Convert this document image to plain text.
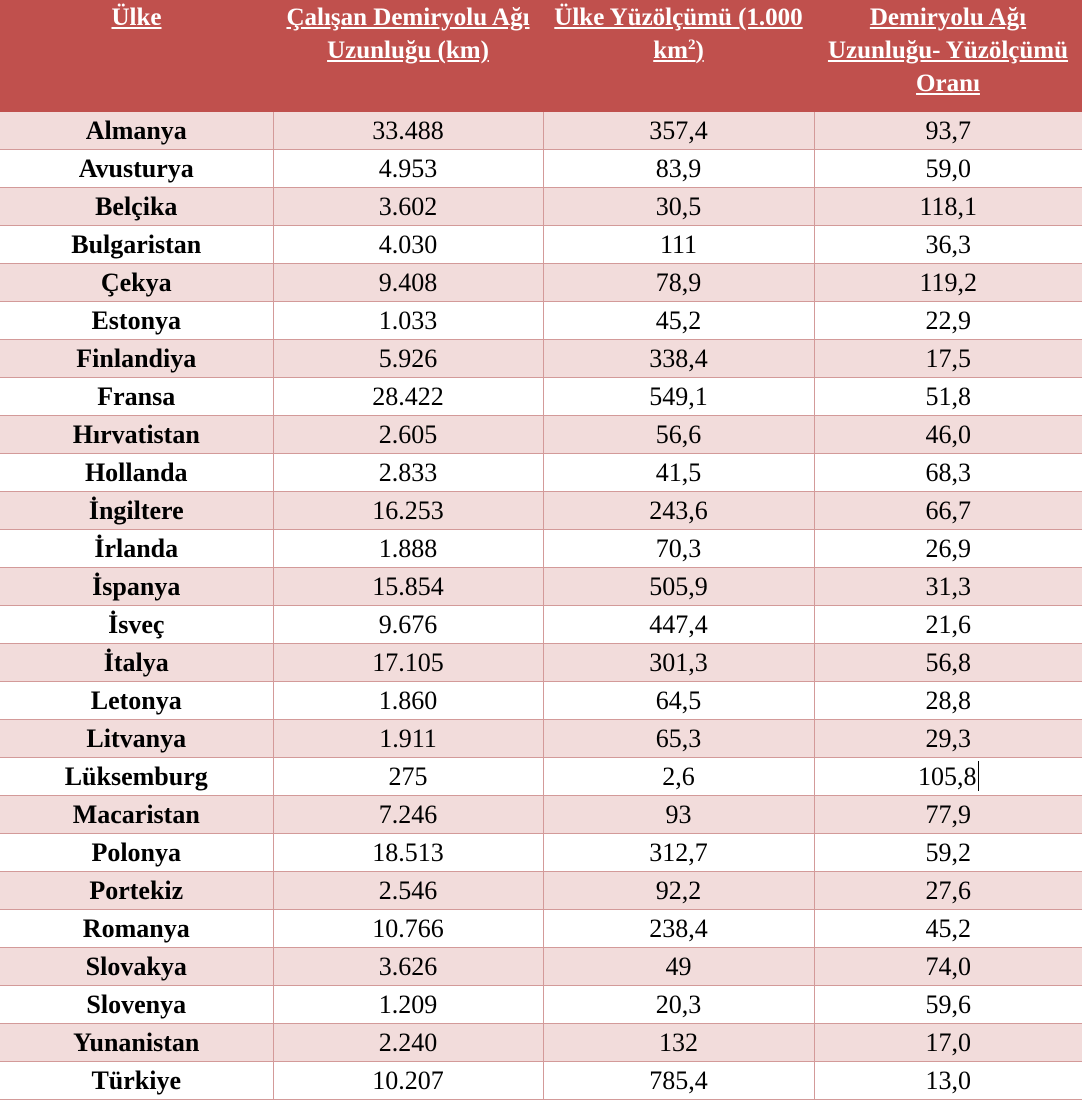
Ülke	Çalışan Demiryolu Ağı Uzunluğu (km)	Ülke Yüzölçümü (1.000 $km^2$)	Demiryolu Ağı Uzunluğu- Yüzölçümü Oranı
Almanya	33.488	357,4	93,7
Avusturya	4.953	83,9	59,0
Belçika	3.602	30,5	118,1
Bulgaristan	4.030	111	36,3
Çekya	9.408	78,9	119,2
Estonya	1.033	45,2	22,9
Finlandiya	5.926	338,4	17,5
Fransa	28.422	549,1	51,8
Hırvatistan	2.605	56,6	46,0
Hollanda	2.833	41,5	68,3
İngiltere	16.253	243,6	66,7
İrlanda	1.888	70,3	26,9
İspanya	15.854	505,9	31,3
İsveç	9.676	447,4	21,6
İtalya	17.105	301,3	56,8
Letonya	1.860	64,5	28,8
Litvanya	1.911	65,3	29,3
Lüksemburg	275	2,6	105,8
Macaristan	7.246	93	77,9
Polonya	18.513	312,7	59,2
Portekiz	2.546	92,2	27,6
Romanya	10.766	238,4	45,2
Slovakya	3.626	49	74,0
Slovenya	1.209	20,3	59,6
Yunanistan	2.240	132	17,0
Türkiye	10.207	785,4	13,0
